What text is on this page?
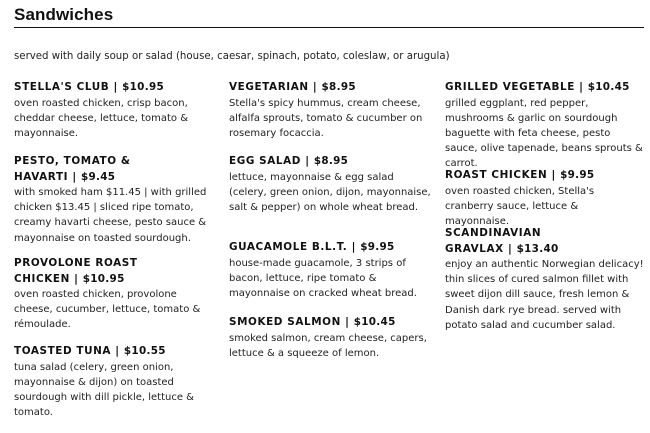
Sandwiches
served with daily soup or salad (house, caesar, spinach, potato, coleslaw, or arugula)
STELLA'S CLUB | $10.95
oven roasted chicken, crisp bacon, cheddar cheese, lettuce, tomato & mayonnaise.
PESTO, TOMATO & HAVARTI | $9.45
with smoked ham $11.45 | with grilled chicken $13.45 | sliced ripe tomato, creamy havarti cheese, pesto sauce & mayonnaise on toasted sourdough.
PROVOLONE ROAST CHICKEN | $10.95
oven roasted chicken, provolone cheese, cucumber, lettuce, tomato & rémoulade.
TOASTED TUNA | $10.55
tuna salad (celery, green onion, mayonnaise & dijon) on toasted sourdough with dill pickle, lettuce & tomato.
VEGETARIAN | $8.95
Stella's spicy hummus, cream cheese, alfalfa sprouts, tomato & cucumber on rosemary focaccia.
EGG SALAD | $8.95
lettuce, mayonnaise & egg salad (celery, green onion, dijon, mayonnaise, salt & pepper) on whole wheat bread.
GUACAMOLE B.L.T. | $9.95
house-made guacamole, 3 strips of bacon, lettuce, ripe tomato & mayonnaise on cracked wheat bread.
SMOKED SALMON | $10.45
smoked salmon, cream cheese, capers, lettuce & a squeeze of lemon.
GRILLED VEGETABLE | $10.45
grilled eggplant, red pepper, mushrooms & garlic on sourdough baguette with feta cheese, pesto sauce, olive tapenade, beans sprouts & carrot.
ROAST CHICKEN | $9.95
oven roasted chicken, Stella's cranberry sauce, lettuce & mayonnaise.
SCANDINAVIAN GRAVLAX | $13.40
enjoy an authentic Norwegian delicacy! thin slices of cured salmon fillet with sweet dijon dill sauce, fresh lemon & Danish dark rye bread. served with potato salad and cucumber salad.
